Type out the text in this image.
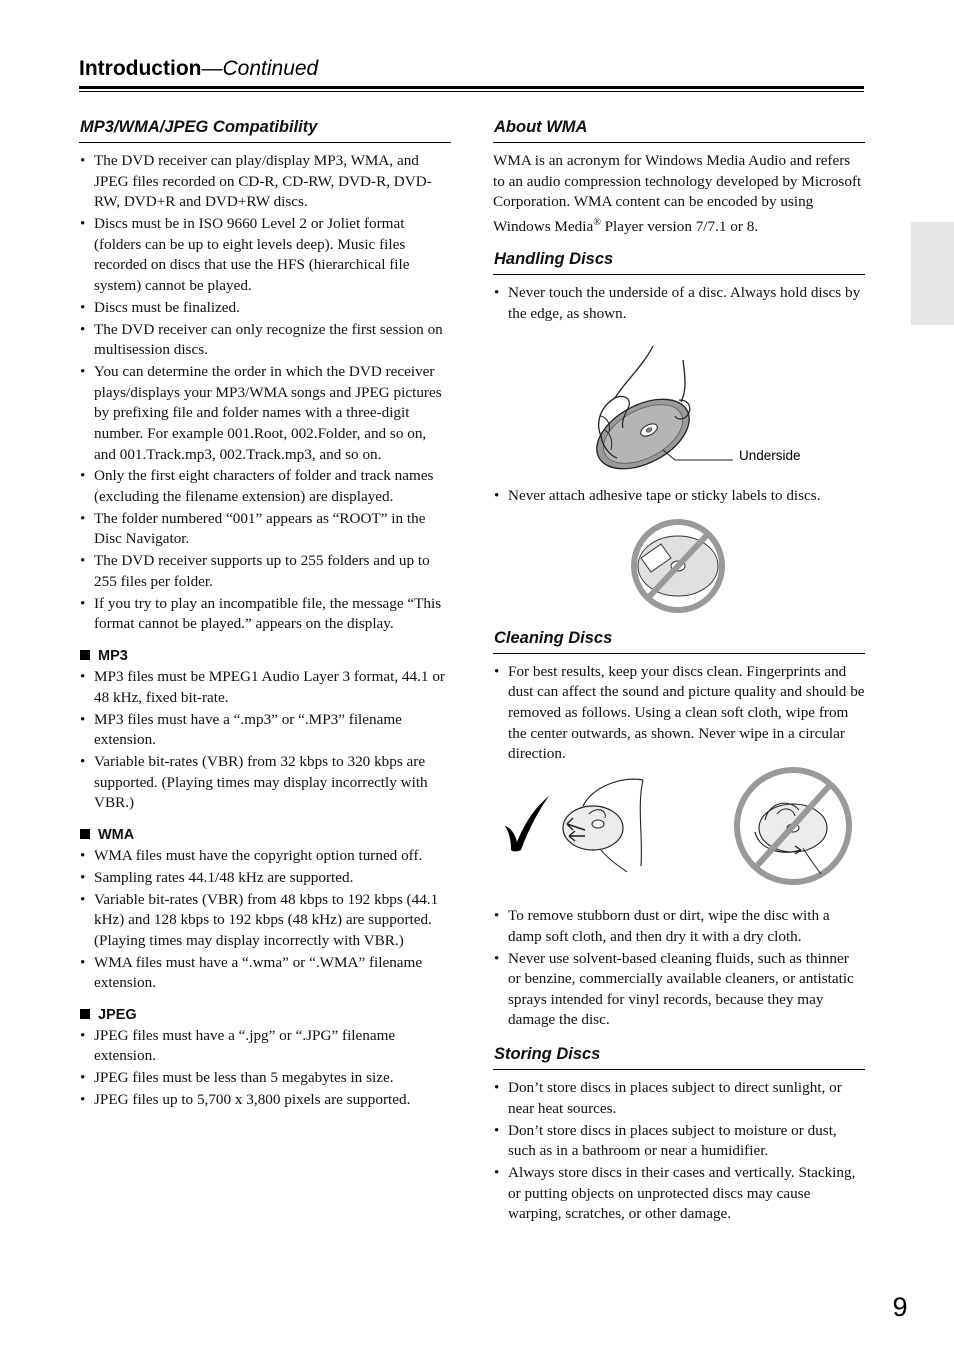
Introduction—Continued
MP3/WMA/JPEG Compatibility
• The DVD receiver can play/display MP3, WMA, and JPEG files recorded on CD-R, CD-RW, DVD-R, DVD-RW, DVD+R and DVD+RW discs.
• Discs must be in ISO 9660 Level 2 or Joliet format (folders can be up to eight levels deep). Music files recorded on discs that use the HFS (hierarchical file system) cannot be played.
• Discs must be finalized.
• The DVD receiver can only recognize the first session on multisession discs.
• You can determine the order in which the DVD receiver plays/displays your MP3/WMA songs and JPEG pictures by prefixing file and folder names with a three-digit number. For example 001.Root, 002.Folder, and so on, and 001.Track.mp3, 002.Track.mp3, and so on.
• Only the first eight characters of folder and track names (excluding the filename extension) are displayed.
• The folder numbered “001” appears as “ROOT” in the Disc Navigator.
• The DVD receiver supports up to 255 folders and up to 255 files per folder.
• If you try to play an incompatible file, the message “This format cannot be played.” appears on the display.
MP3
• MP3 files must be MPEG1 Audio Layer 3 format, 44.1 or 48 kHz, fixed bit-rate.
• MP3 files must have a “.mp3” or “.MP3” filename extension.
• Variable bit-rates (VBR) from 32 kbps to 320 kbps are supported. (Playing times may display incorrectly with VBR.)
WMA
• WMA files must have the copyright option turned off.
• Sampling rates 44.1/48 kHz are supported.
• Variable bit-rates (VBR) from 48 kbps to 192 kbps (44.1 kHz) and 128 kbps to 192 kbps (48 kHz) are supported. (Playing times may display incorrectly with VBR.)
• WMA files must have a “.wma” or “.WMA” filename extension.
JPEG
• JPEG files must have a “.jpg” or “.JPG” filename extension.
• JPEG files must be less than 5 megabytes in size.
• JPEG files up to 5,700 x 3,800 pixels are supported.
About WMA

WMA is an acronym for Windows Media Audio and refers to an audio compression technology developed by Microsoft Corporation. WMA content can be encoded by using Windows Media® Player version 7/7.1 or 8.

Handling Discs
• Never touch the underside of a disc. Always hold discs by the edge, as shown.
Underside
• Never attach adhesive tape or sticky labels to discs.
Cleaning Discs
• For best results, keep your discs clean. Fingerprints and dust can affect the sound and picture quality and should be removed as follows. Using a clean soft cloth, wipe from the center outwards, as shown. Never wipe in a circular direction.
• To remove stubborn dust or dirt, wipe the disc with a damp soft cloth, and then dry it with a dry cloth.
• Never use solvent-based cleaning fluids, such as thinner or benzine, commercially available cleaners, or antistatic sprays intended for vinyl records, because they may damage the disc.
Storing Discs
• Don’t store discs in places subject to direct sunlight, or near heat sources.
• Don’t store discs in places subject to moisture or dust, such as in a bathroom or near a humidifier.
• Always store discs in their cases and vertically. Stacking, or putting objects on unprotected discs may cause warping, scratches, or other damage.
9
